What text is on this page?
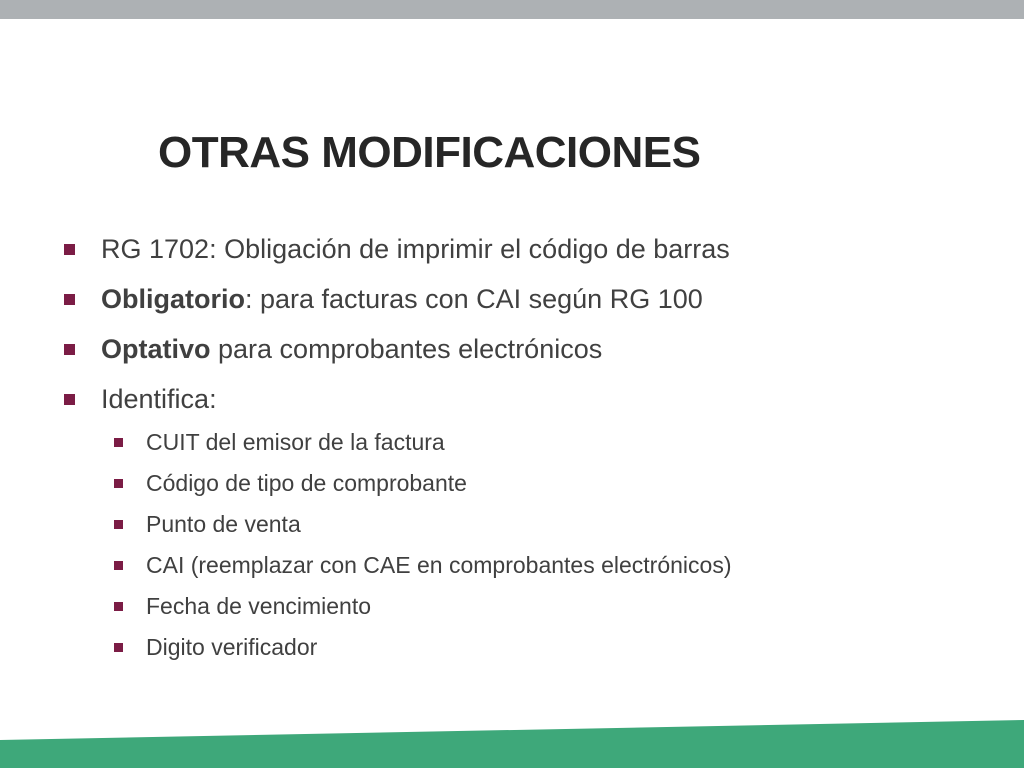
OTRAS MODIFICACIONES
RG 1702: Obligación de imprimir el código de barras
Obligatorio: para facturas con CAI según RG 100
Optativo para comprobantes electrónicos
Identifica:
CUIT del emisor de la factura
Código de tipo de comprobante
Punto de venta
CAI (reemplazar con CAE en comprobantes electrónicos)
Fecha de vencimiento
Digito verificador
